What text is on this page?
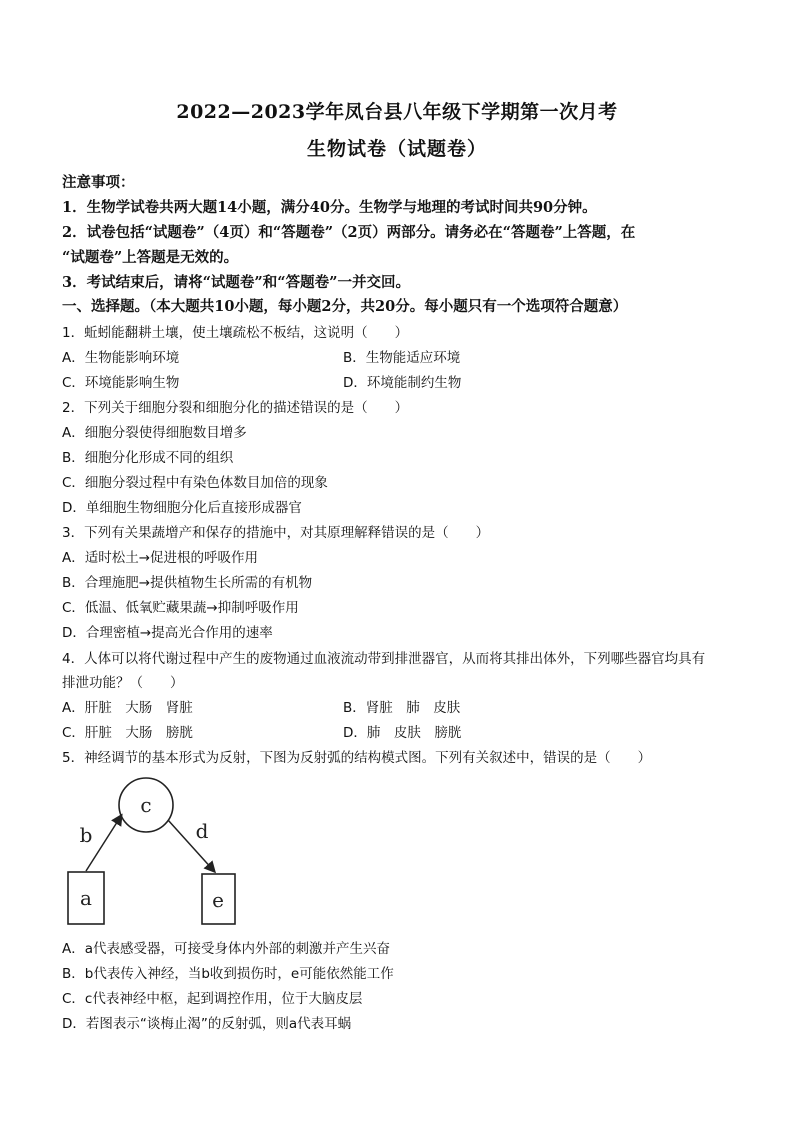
2022—2023学年凤台县八年级下学期第一次月考
生物试卷（试题卷）
注意事项：
1．生物学试卷共两大题14小题，满分40分。生物学与地理的考试时间共90分钟。
2．试卷包括“试题卷”（4页）和“答题卷”（2页）两部分。请务必在“答题卷”上答题，在
“试题卷”上答题是无效的。
3．考试结束后，请将“试题卷”和“答题卷”一并交回。
一、选择题。（本大题共10小题，每小题2分，共20分。每小题只有一个选项符合题意）
1．蚯蚓能翻耕土壤，使土壤疏松不板结，这说明（　　）
A．生物能影响环境	B．生物能适应环境
C．环境能影响生物	D．环境能制约生物
2．下列关于细胞分裂和细胞分化的描述错误的是（　　）
A．细胞分裂使得细胞数目增多
B．细胞分化形成不同的组织
C．细胞分裂过程中有染色体数目加倍的现象
D．单细胞生物细胞分化后直接形成器官
3．下列有关果蔬增产和保存的措施中，对其原理解释错误的是（　　）
A．适时松土→促进根的呼吸作用
B．合理施肥→提供植物生长所需的有机物
C．低温、低氧贮藏果蔬→抑制呼吸作用
D．合理密植→提高光合作用的速率
4．人体可以将代谢过程中产生的废物通过血液流动带到排泄器官，从而将其排出体外，下列哪些器官均具有
排泄功能？（　　）
A．肝脏　大肠　肾脏	B．肾脏　肺　皮肤
C．肝脏　大肠　膀胱	D．肺　皮肤　膀胱
5．神经调节的基本形式为反射，下图为反射弧的结构模式图。下列有关叙述中，错误的是（　　）
c
a	e
b	d
A．a代表感受器，可接受身体内外部的刺激并产生兴奋
B．b代表传入神经，当b收到损伤时，e可能依然能工作
C．c代表神经中枢，起到调控作用，位于大脑皮层
D．若图表示“谈梅止渴”的反射弧，则a代表耳蜗
